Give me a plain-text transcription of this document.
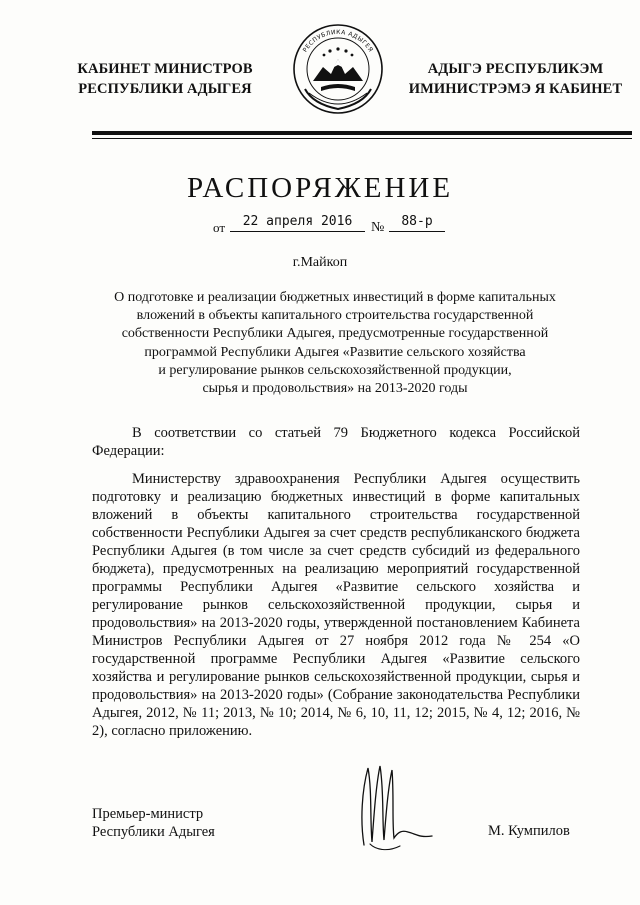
КАБИНЕТ МИНИСТРОВ
РЕСПУБЛИКИ АДЫГЕЯ
РЕСПУБЛИКА АДЫГЕЯ
АДЫГЭ РЕСПУБЛИКЭМ
ИМИНИСТРЭМЭ Я КАБИНЕТ
РАСПОРЯЖЕНИЕ
от	22 апреля 2016	№	88-р
г.Майкоп
О подготовке и реализации бюджетных инвестиций в форме капитальных
вложений в объекты капитального строительства государственной
собственности Республики Адыгея, предусмотренные государственной
программой Республики Адыгея «Развитие сельского хозяйства
и регулирование рынков сельскохозяйственной продукции,
сырья и продовольствия» на 2013-2020 годы
В соответствии со статьей 79 Бюджетного кодекса Российской Федерации:
Министерству здравоохранения Республики Адыгея осуществить подготовку и реализацию бюджетных инвестиций в форме капитальных вложений в объекты капитального строительства государственной собственности Республики Адыгея за счет средств республиканского бюджета Республики Адыгея (в том числе за счет средств субсидий из федерального бюджета), предусмотренных на реализацию мероприятий государственной программы Республики Адыгея «Развитие сельского хозяйства и регулирование рынков сельскохозяйственной продукции, сырья и продовольствия» на 2013-2020 годы, утвержденной постановлением Кабинета Министров Республики Адыгея от 27 ноября 2012 года № 254 «О государственной программе Республики Адыгея «Развитие сельского хозяйства и регулирование рынков сельскохозяйственной продукции, сырья и продовольствия» на 2013-2020 годы» (Собрание законодательства Республики Адыгея, 2012, № 11; 2013, № 10; 2014, № 6, 10, 11, 12; 2015, № 4, 12; 2016, № 2), согласно приложению.
Премьер-министр
Республики Адыгея	М. Кумпилов
